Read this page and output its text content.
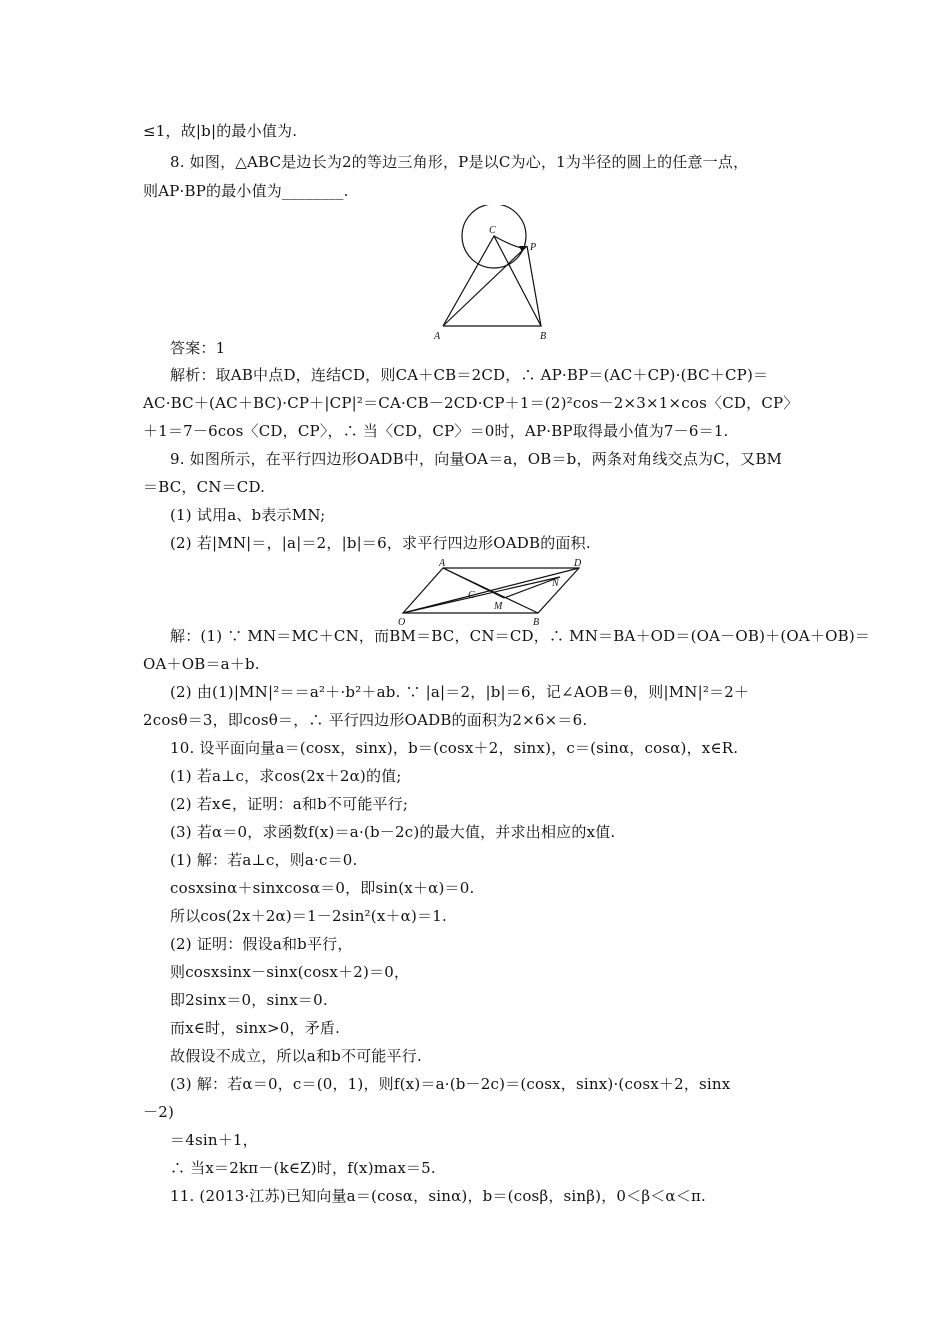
≤1，故|b|的最小值为.
8. 如图，△ABC是边长为2的等边三角形，P是以C为心，1为半径的圆上的任意一点，
则AP·BP的最小值为________.
A	B
C
P
答案：1
解析：取AB中点D，连结CD，则CA＋CB＝2CD，∴ AP·BP＝(AC＋CP)·(BC＋CP)＝
AC·BC＋(AC＋BC)·CP＋|CP|²＝CA·CB－2CD·CP＋1＝(2)²cos－2×3×1×cos〈CD，CP〉
＋1＝7－6cos〈CD，CP〉，∴ 当〈CD，CP〉＝0时，AP·BP取得最小值为7－6＝1.
9. 如图所示，在平行四边形OADB中，向量OA＝a，OB＝b，两条对角线交点为C，又BM
＝BC，CN＝CD.
(1) 试用a、b表示MN;
(2) 若|MN|＝，|a|＝2，|b|＝6，求平行四边形OADB的面积.
O
A
B
C
D
M
N
解：(1) ∵ MN＝MC＋CN，而BM＝BC，CN＝CD，∴ MN＝BA＋OD＝(OA－OB)＋(OA＋OB)＝
OA＋OB＝a＋b.
(2) 由(1)|MN|²＝＝a²＋·b²＋ab. ∵ |a|＝2，|b|＝6，记∠AOB＝θ，则|MN|²＝2＋
2cosθ＝3，即cosθ＝，∴ 平行四边形OADB的面积为2×6×＝6.
10. 设平面向量a＝(cosx，sinx)，b＝(cosx＋2，sinx)，c＝(sinα，cosα)，x∈R.
(1) 若a⊥c，求cos(2x＋2α)的值;
(2) 若x∈，证明：a和b不可能平行;
(3) 若α＝0，求函数f(x)＝a·(b－2c)的最大值，并求出相应的x值.
(1) 解：若a⊥c，则a·c＝0.
cosxsinα＋sinxcosα＝0，即sin(x＋α)＝0.
所以cos(2x＋2α)＝1－2sin²(x＋α)＝1.
(2) 证明：假设a和b平行，
则cosxsinx－sinx(cosx＋2)＝0，
即2sinx＝0，sinx＝0.
而x∈时，sinx>0，矛盾.
故假设不成立，所以a和b不可能平行.
(3) 解：若α＝0，c＝(0，1)，则f(x)＝a·(b－2c)＝(cosx，sinx)·(cosx＋2，sinx
－2)
＝4sin＋1，
∴ 当x＝2kπ－(k∈Z)时，f(x)max＝5.
11. (2013·江苏)已知向量a＝(cosα，sinα)，b＝(cosβ，sinβ)，0＜β＜α＜π.
